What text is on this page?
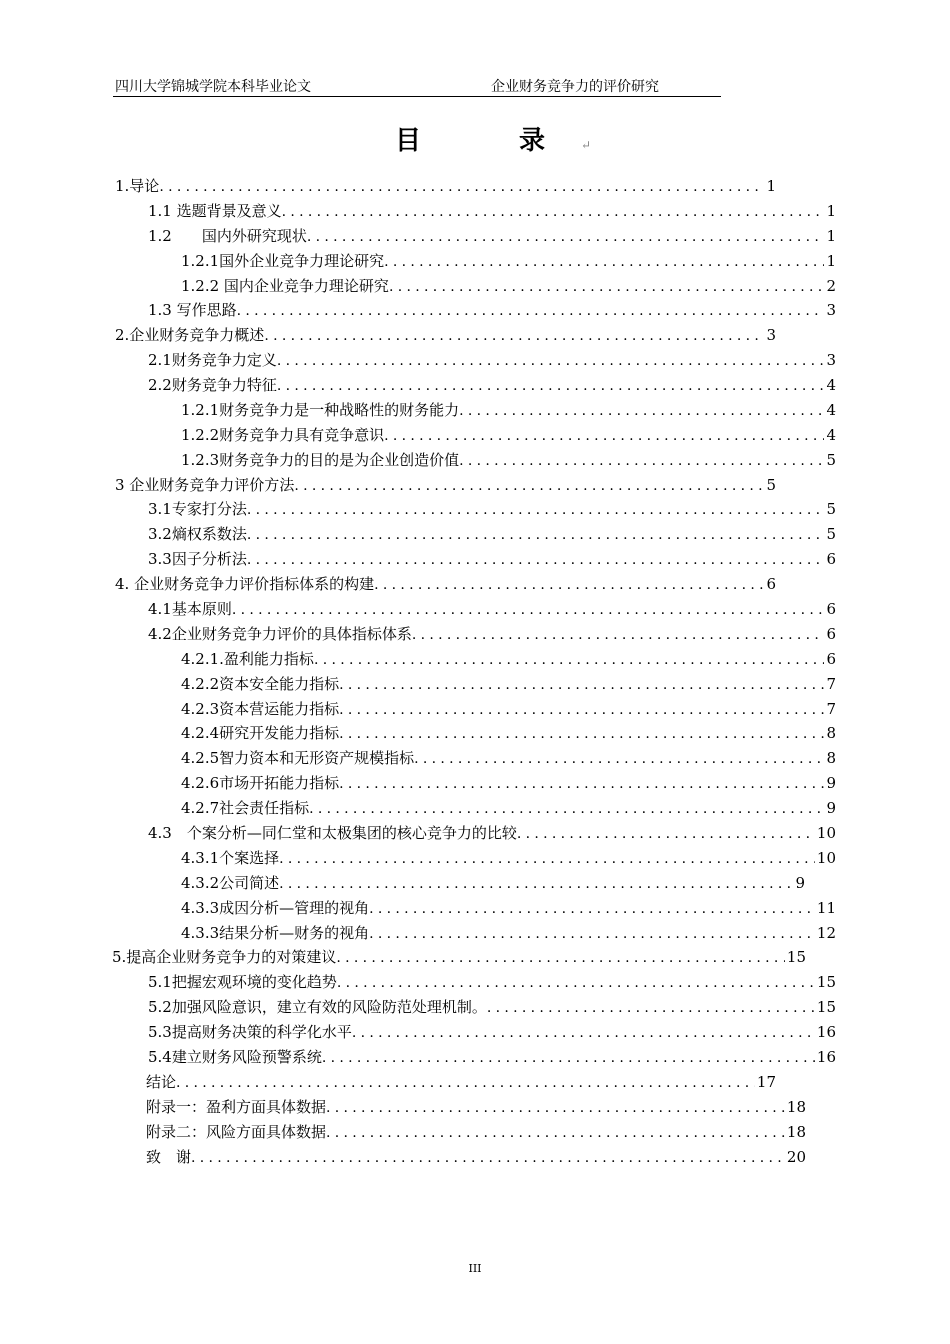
四川大学锦城学院本科毕业论文	企业财务竞争力的评价研究
目　录↵
1.导论 .....	1
1.1 选题背景及意义 .....	1
1.2　　国内外研究现状 .....	1
1.2.1国外企业竞争力理论研究 .....	1
1.2.2 国内企业竞争力理论研究 .....	2
1.3 写作思路 .....	3
2.企业财务竞争力概述 .....	3
2.1财务竞争力定义 .....	3
2.2财务竞争力特征 .....	4
1.2.1财务竞争力是一种战略性的财务能力 .....	4
1.2.2财务竞争力具有竞争意识 .....	4
1.2.3财务竞争力的目的是为企业创造价值 .....	5
3 企业财务竞争力评价方法 .....	5
3.1专家打分法 .....	5
3.2熵权系数法 .....	5
3.3因子分析法 .....	6
4. 企业财务竞争力评价指标体系的构建 .....	6
4.1基本原则 .....	6
4.2企业财务竞争力评价的具体指标体系 .....	6
4.2.1.盈利能力指标 .....	6
4.2.2资本安全能力指标 .....	7
4.2.3资本营运能力指标 .....	7
4.2.4研究开发能力指标 .....	8
4.2.5智力资本和无形资产规模指标 .....	8
4.2.6市场开拓能力指标 .....	9
4.2.7社会责任指标 .....	9
4.3　个案分析—同仁堂和太极集团的核心竞争力的比较 .....	10
4.3.1个案选择 .....	10
4.3.2公司简述 .....	9
4.3.3成因分析—管理的视角 .....	11
4.3.3结果分析—财务的视角 .....	12
5.提高企业财务竞争力的对策建议 .....	15
5.1把握宏观环境的变化趋势 .....	15
5.2加强风险意识，建立有效的风险防范处理机制。 .....	15
5.3提高财务决策的科学化水平 .....	16
5.4建立财务风险预警系统 .....	16
结论 .....	17
附录一：盈利方面具体数据 .....	18
附录二：风险方面具体数据 .....	18
致　谢 .....	20
III
